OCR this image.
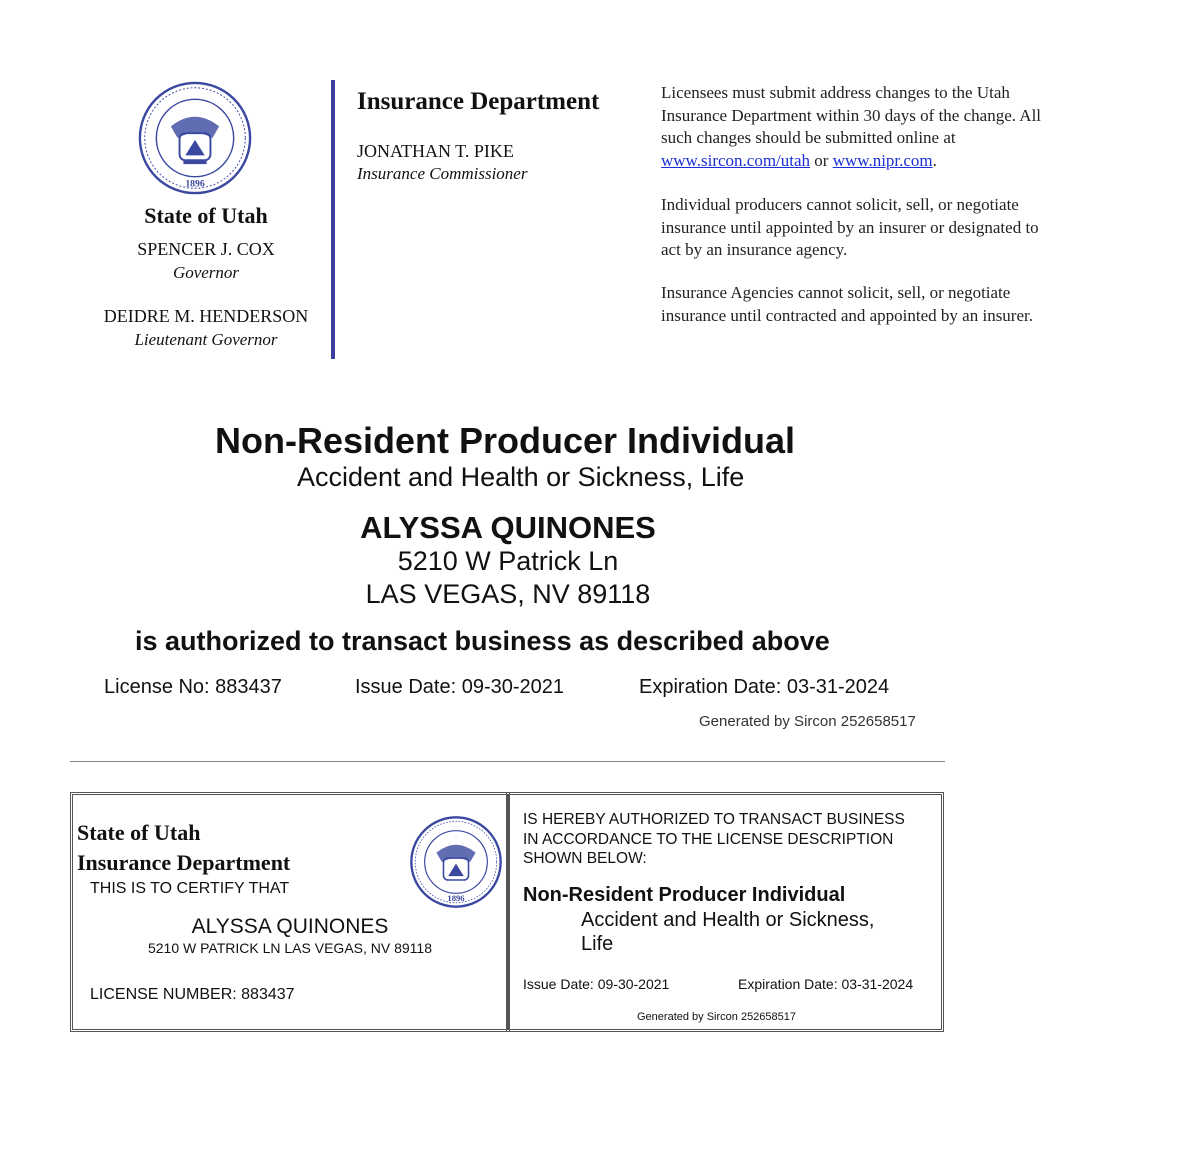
1896
State of Utah
SPENCER J. COX
Governor
DEIDRE M. HENDERSON
Lieutenant Governor
Insurance Department
JONATHAN T. PIKE
Insurance Commissioner
Licensees must submit address changes to the Utah Insurance Department within 30 days of the change. All such changes should be submitted online at www.sircon.com/utah or www.nipr.com.
Individual producers cannot solicit, sell, or negotiate insurance until appointed by an insurer or designated to act by an insurance agency.
Insurance Agencies cannot solicit, sell, or negotiate insurance until contracted and appointed by an insurer.
Non-Resident Producer Individual
Accident and Health or Sickness, Life
ALYSSA QUINONES
5210 W Patrick Ln
LAS VEGAS, NV 89118
is authorized to transact business as described above
License No: 883437	Issue Date: 09-30-2021	Expiration Date: 03-31-2024
Generated by Sircon 252658517
State of Utah
Insurance Department
THIS IS TO CERTIFY THAT
1896
ALYSSA QUINONES
5210 W PATRICK LN LAS VEGAS, NV 89118
LICENSE NUMBER: 883437
IS HEREBY AUTHORIZED TO TRANSACT BUSINESS IN ACCORDANCE TO THE LICENSE DESCRIPTION SHOWN BELOW:
Non-Resident Producer Individual
Accident and Health or Sickness,
Life
Issue Date: 09-30-2021	Expiration Date: 03-31-2024
Generated by Sircon 252658517
